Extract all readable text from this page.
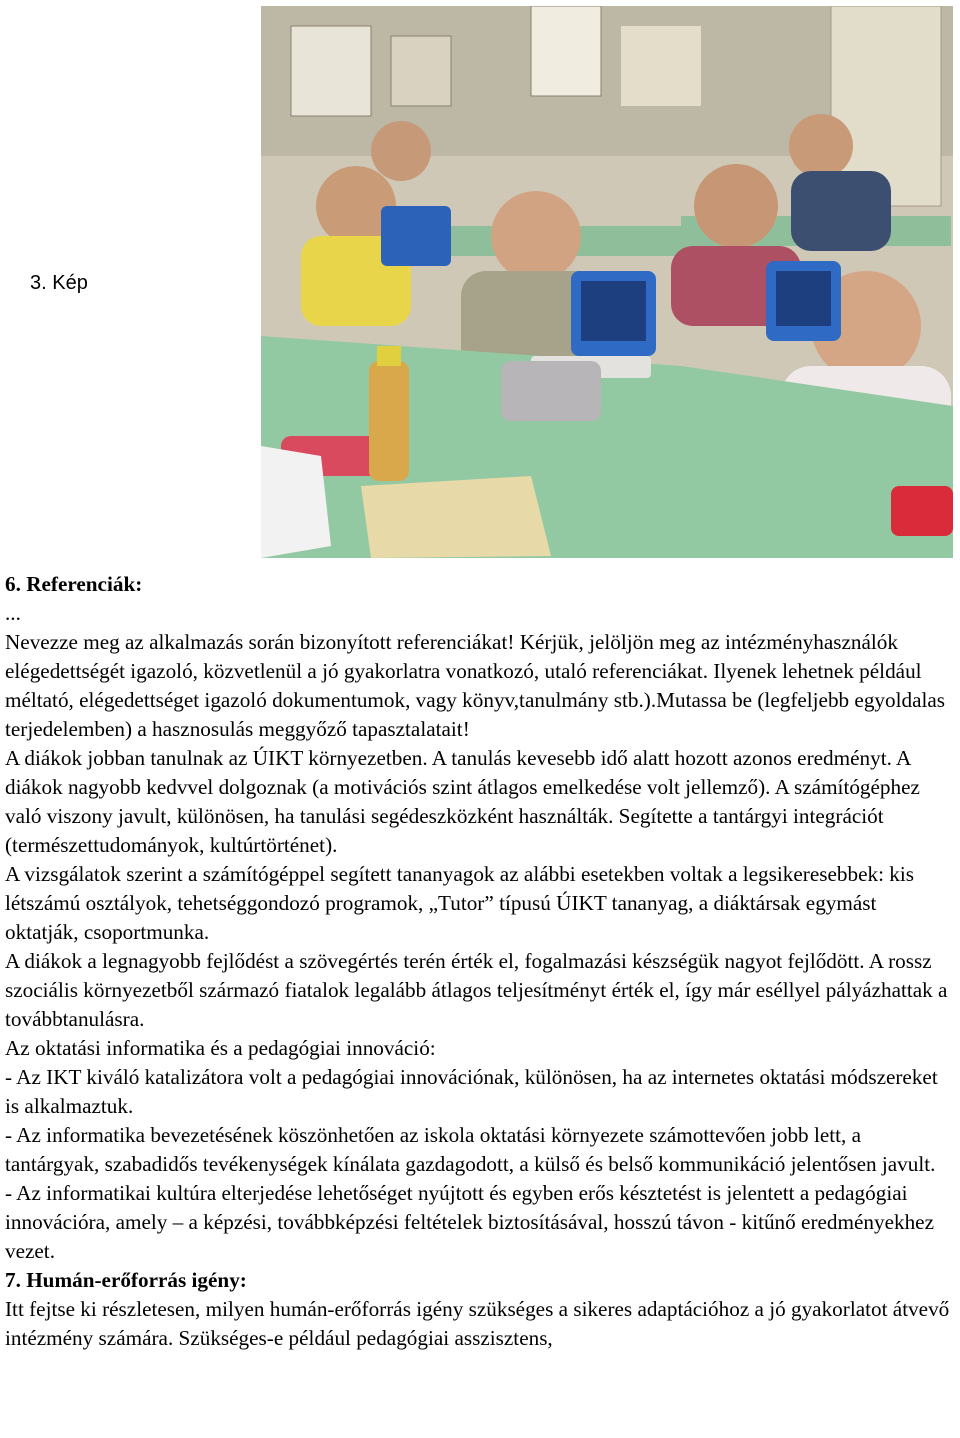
3. Kép

6. Referenciák:

...

Nevezze meg az alkalmazás során bizonyított referenciákat! Kérjük, jelöljön meg az intézményhasználók elégedettségét igazoló, közvetlenül a jó gyakorlatra vonatkozó, utaló referenciákat. Ilyenek lehetnek például méltató, elégedettséget igazoló dokumentumok, vagy könyv,tanulmány stb.).Mutassa be (legfeljebb egyoldalas terjedelemben) a hasznosulás meggyőző tapasztalatait!

A diákok jobban tanulnak az ÚIKT környezetben. A tanulás kevesebb idő alatt hozott azonos eredményt. A diákok nagyobb kedvvel dolgoznak (a motivációs szint átlagos emelkedése volt jellemző). A számítógéphez való viszony javult, különösen, ha tanulási segédeszközként használták. Segítette a tantárgyi integrációt (természettudományok, kultúrtörténet).

A vizsgálatok szerint a számítógéppel segített tananyagok az alábbi esetekben voltak a legsikeresebbek: kis létszámú osztályok, tehetséggondozó programok, „Tutor” típusú ÚIKT tananyag, a diáktársak egymást oktatják, csoportmunka.

A diákok a legnagyobb fejlődést a szövegértés terén érték el, fogalmazási készségük nagyot fejlődött. A rossz szociális környezetből származó fiatalok legalább átlagos teljesítményt érték el, így már eséllyel pályázhattak a továbbtanulásra.

Az oktatási informatika és a pedagógiai innováció:

- Az IKT kiváló katalizátora volt a pedagógiai innovációnak, különösen, ha az internetes oktatási módszereket is alkalmaztuk.

- Az informatika bevezetésének köszönhetően az iskola oktatási környezete számottevően jobb lett, a tantárgyak, szabadidős tevékenységek kínálata gazdagodott, a külső és belső kommunikáció jelentősen javult.

- Az informatikai kultúra elterjedése lehetőséget nyújtott és egyben erős késztetést is jelentett a pedagógiai innovációra, amely – a képzési, továbbképzési feltételek biztosításával, hosszú távon - kitűnő eredményekhez vezet.

7. Humán-erőforrás igény:

Itt fejtse ki részletesen, milyen humán-erőforrás igény szükséges a sikeres adaptációhoz a jó gyakorlatot átvevő intézmény számára. Szükséges-e például pedagógiai asszisztens,
